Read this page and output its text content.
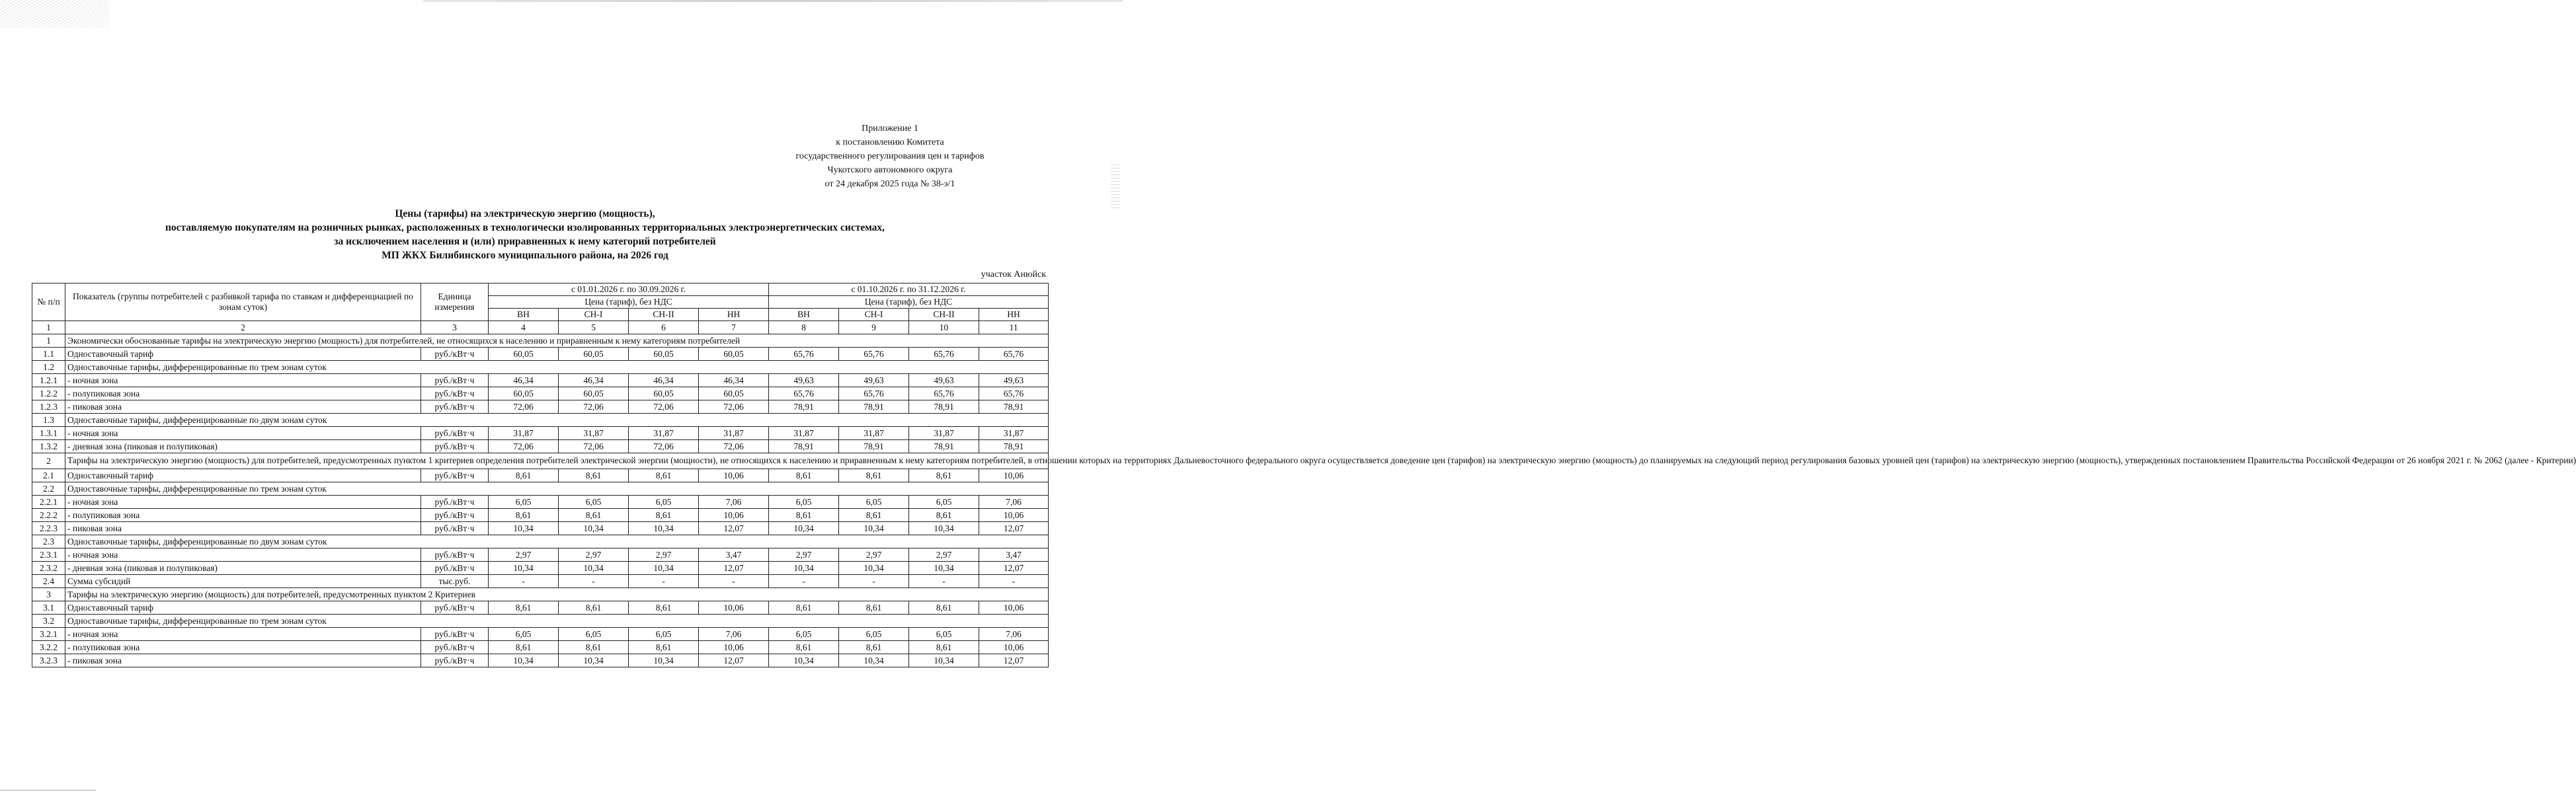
Приложение 1
к постановлению Комитета
государственного регулирования цен и тарифов
Чукотского автономного округа
от 24 декабря 2025 года № 38-э/1
Цены (тарифы) на электрическую энергию (мощность),
поставляемую покупателям на розничных рынках, расположенных в технологически изолированных территориальных электроэнергетических системах,
за исключением населения и (или) приравненных к нему категорий потребителей
МП ЖКХ Билибинского муниципального района, на 2026 год
участок Анюйск
№ п/п	Показатель (группы потребителей с разбивкой тарифа по ставкам и дифференциацией по зонам суток)	Единица измерения	с 01.01.2026 г. по 30.09.2026 г.				с 01.10.2026 г. по 31.12.2026 г.			
			Цена (тариф), без НДС				Цена (тариф), без НДС			
			ВН	СН-I	СН-II	НН	ВН	СН-I	СН-II	НН
1	2	3	4	5	6	7	8	9	10	11
1	Экономически обоснованные тарифы на электрическую энергию (мощность) для потребителей, не относящихся к населению и приравненным к нему категориям потребителей									
1.1	Одноставочный тариф	руб./кВт·ч	60,05	60,05	60,05	60,05	65,76	65,76	65,76	65,76
1.2	Одноставочные тарифы, дифференцированные по трем зонам суток									
1.2.1	- ночная зона	руб./кВт·ч	46,34	46,34	46,34	46,34	49,63	49,63	49,63	49,63
1.2.2	- полупиковая зона	руб./кВт·ч	60,05	60,05	60,05	60,05	65,76	65,76	65,76	65,76
1.2.3	- пиковая зона	руб./кВт·ч	72,06	72,06	72,06	72,06	78,91	78,91	78,91	78,91
1.3	Одноставочные тарифы, дифференцированные по двум зонам суток									
1.3.1	- ночная зона	руб./кВт·ч	31,87	31,87	31,87	31,87	31,87	31,87	31,87	31,87
1.3.2	- дневная зона (пиковая и полупиковая)	руб./кВт·ч	72,06	72,06	72,06	72,06	78,91	78,91	78,91	78,91
2	Тарифы на электрическую энергию (мощность) для потребителей, предусмотренных пунктом 1 критериев определения потребителей электрической энергии (мощности), не относящихся к населению и приравненным к нему категориям потребителей, в отношении которых на территориях Дальневосточного федерального округа осуществляется доведение цен (тарифов) на электрическую энергию (мощность) до планируемых на следующий период регулирования базовых уровней цен (тарифов) на электрическую энергию (мощность), утвержденных постановлением Правительства Российской Федерации от 26 ноября 2021 г. № 2062 (далее - Критерии)									
2.1	Одноставочный тариф	руб./кВт·ч	8,61	8,61	8,61	10,06	8,61	8,61	8,61	10,06
2.2	Одноставочные тарифы, дифференцированные по трем зонам суток									
2.2.1	- ночная зона	руб./кВт·ч	6,05	6,05	6,05	7,06	6,05	6,05	6,05	7,06
2.2.2	- полупиковая зона	руб./кВт·ч	8,61	8,61	8,61	10,06	8,61	8,61	8,61	10,06
2.2.3	- пиковая зона	руб./кВт·ч	10,34	10,34	10,34	12,07	10,34	10,34	10,34	12,07
2.3	Одноставочные тарифы, дифференцированные по двум зонам суток									
2.3.1	- ночная зона	руб./кВт·ч	2,97	2,97	2,97	3,47	2,97	2,97	2,97	3,47
2.3.2	- дневная зона (пиковая и полупиковая)	руб./кВт·ч	10,34	10,34	10,34	12,07	10,34	10,34	10,34	12,07
2.4	Сумма субсидий	тыс.руб.	-	-	-	-	-	-	-	-
3	Тарифы на электрическую энергию (мощность) для потребителей, предусмотренных пунктом 2 Критериев									
3.1	Одноставочный тариф	руб./кВт·ч	8,61	8,61	8,61	10,06	8,61	8,61	8,61	10,06
3.2	Одноставочные тарифы, дифференцированные по трем зонам суток									
3.2.1	- ночная зона	руб./кВт·ч	6,05	6,05	6,05	7,06	6,05	6,05	6,05	7,06
3.2.2	- полупиковая зона	руб./кВт·ч	8,61	8,61	8,61	10,06	8,61	8,61	8,61	10,06
3.2.3	- пиковая зона	руб./кВт·ч	10,34	10,34	10,34	12,07	10,34	10,34	10,34	12,07
